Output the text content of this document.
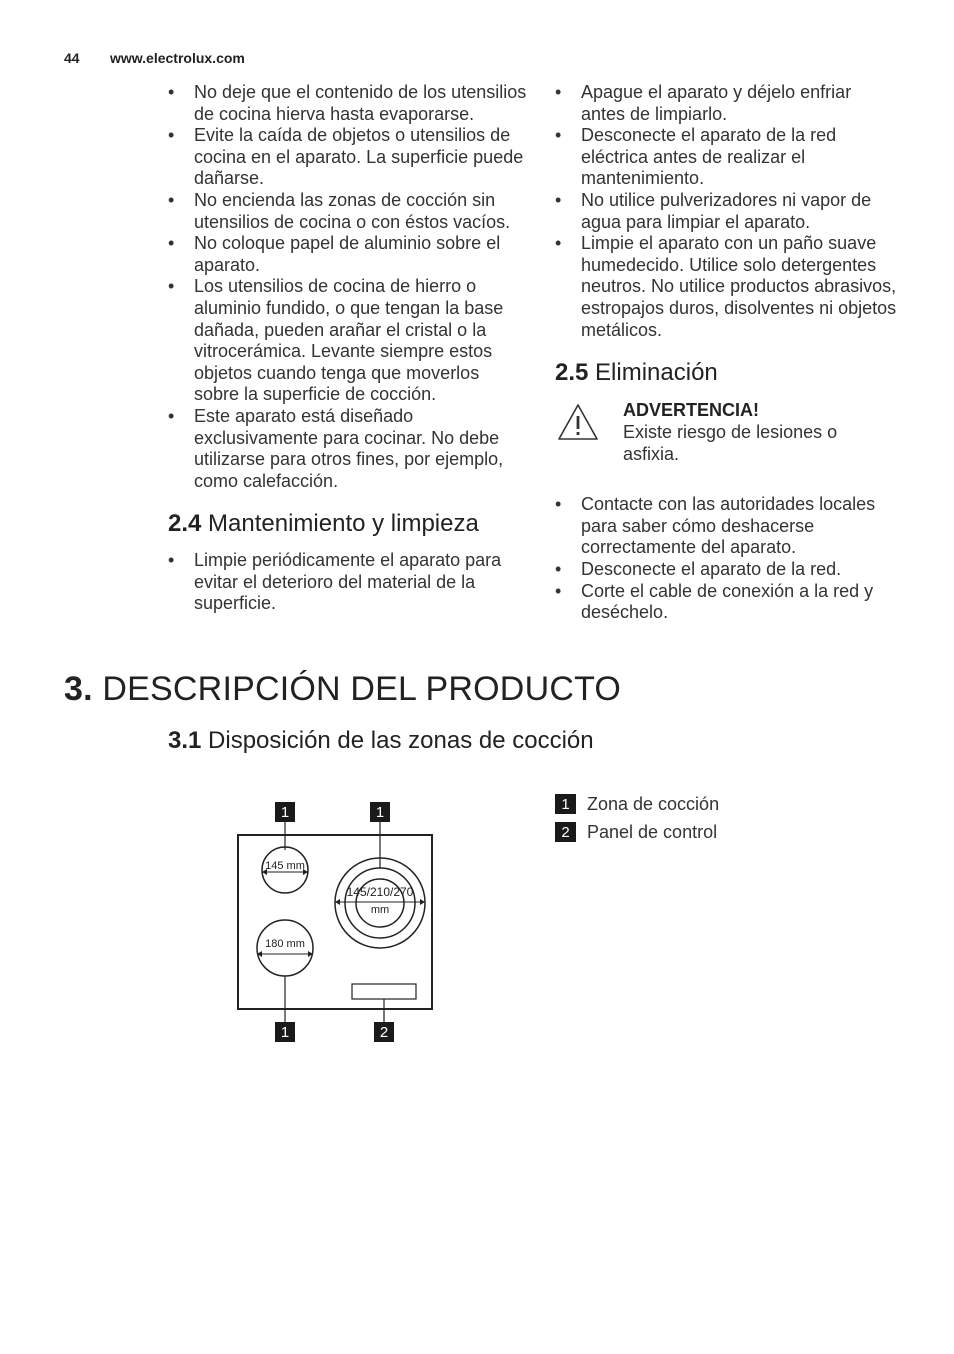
44 www.electrolux.com
• No deje que el contenido de los utensilios de cocina hierva hasta evaporarse.
• Evite la caída de objetos o utensilios de cocina en el aparato. La superficie puede dañarse.
• No encienda las zonas de cocción sin utensilios de cocina o con éstos vacíos.
• No coloque papel de aluminio sobre el aparato.
• Los utensilios de cocina de hierro o aluminio fundido, o que tengan la base dañada, pueden arañar el cristal o la vitrocerámica. Levante siempre estos objetos cuando tenga que moverlos sobre la superficie de cocción.
• Este aparato está diseñado exclusivamente para cocinar. No debe utilizarse para otros fines, por ejemplo, como calefacción.
2.4 Mantenimiento y limpieza
• Limpie periódicamente el aparato para evitar el deterioro del material de la superficie.
• Apague el aparato y déjelo enfriar antes de limpiarlo.
• Desconecte el aparato de la red eléctrica antes de realizar el mantenimiento.
• No utilice pulverizadores ni vapor de agua para limpiar el aparato.
• Limpie el aparato con un paño suave humedecido. Utilice solo detergentes neutros. No utilice productos abrasivos, estropajos duros, disolventes ni objetos metálicos.
2.5 Eliminación
ADVERTENCIA!
Existe riesgo de lesiones o asfixia.
• Contacte con las autoridades locales para saber cómo deshacerse correctamente del aparato.
• Desconecte el aparato de la red.
• Corte el cable de conexión a la red y deséchelo.
3. DESCRIPCIÓN DEL PRODUCTO
3.1 Disposición de las zonas de cocción
1	1
145 mm
145/210/270
mm
180 mm
1	2
1 Zona de cocción
2 Panel de control
